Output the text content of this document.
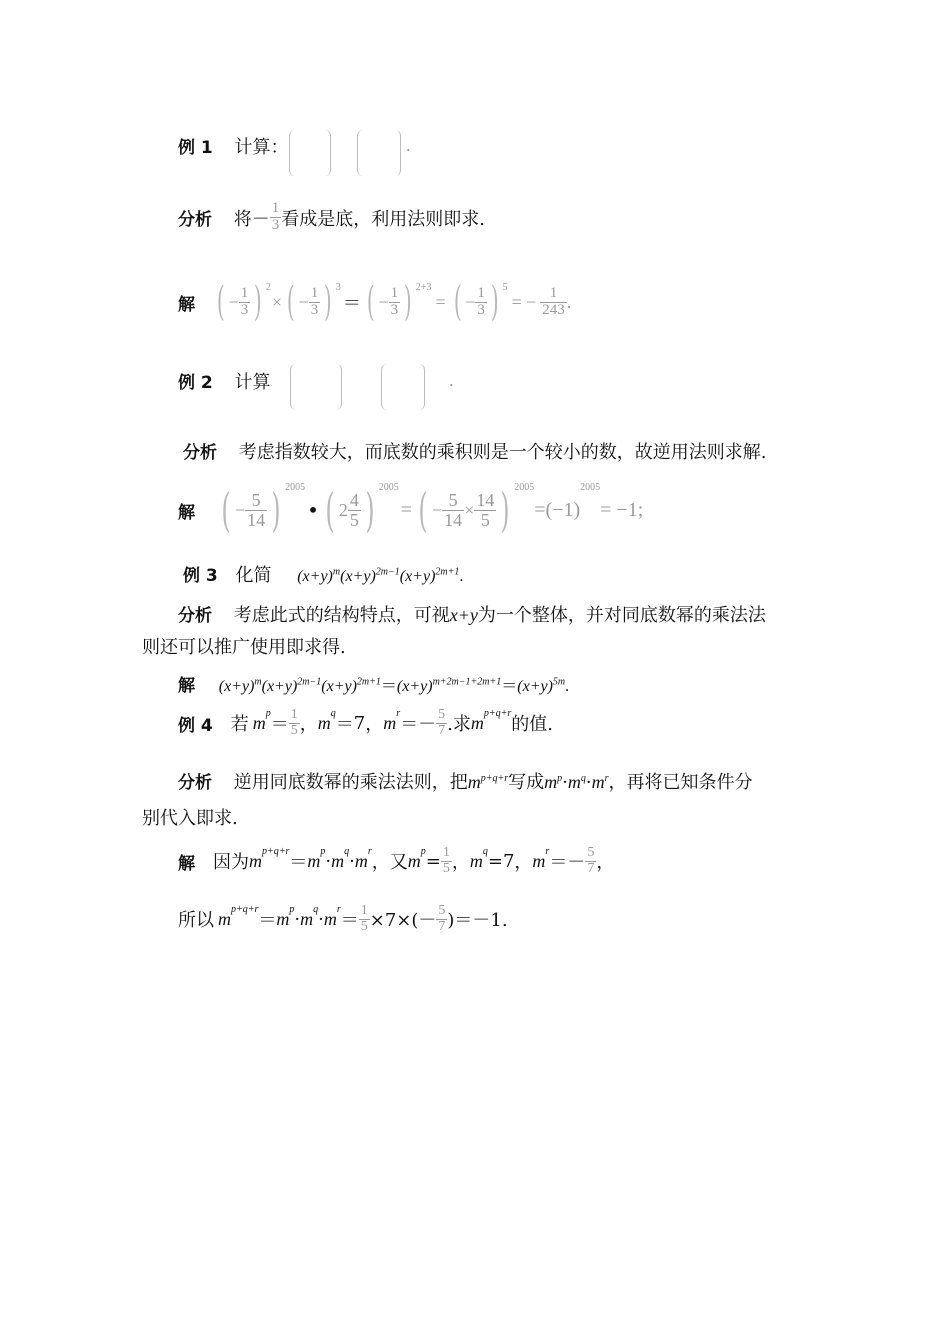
例 1 计算：	.
分析 将－ $\frac{1}{3}$ 看成是底，利用法则即求.
解 ( − $\frac{1}{3}$ ) 2
× ( − $\frac{1}{3}$ ) 3
＝ ( − $\frac{1}{3}$ ) 2+3
= ( − $\frac{1}{3}$ ) 5
= − $\frac{1}{243}$ .
例 2 计算	.
分析 考虑指数较大，而底数的乘积则是一个较小的数，故逆用法则求解.
解 ( − $\frac{5}{14}$ ) 2005
• ( $2 \frac{4}{5}$ ) 2005
= ( − $\frac{5}{14} \times \frac{14}{5}$ ) 2005
=(−1)
2005
= −1;
例 3 化简 $(x+y)^m(x+y)^{2m-1}(x+y)^{2m+1}$.
分析 考虑此式的结构特点，可视x+y为一个整体，并对同底数幂的乘法法
则还可以推广使用即求得.
解 $(x+y)^m(x+y)^{2m-1}(x+y)^{2m+1}=(x+y)^{m+2m-1+2m+1}=(x+y)^{5m}$.
例 4 若 m p
＝ $\frac{1}{5}$ ， m q
＝ 7 ， m r
＝ － $\frac{5}{7}$ .求 m p+q+r
的值.
分析 逆用同底数幂的乘法法则，把$m^{p+q+r}$写成$m^p\cdot m^q\cdot m^r$，再将已知条件分
别代入即求.
解 因为 m p+q+r
＝ m p · m q · m r
，又 m $p = \frac{1}{5}$ ， m q = 7 ， m r
＝ － $\frac{5}{7}$ ，
所以 m p+q+r
＝ m p · m q · m r
＝ $\frac{1}{5} \times 7\times(- \frac{5}{7} )=-1$.
